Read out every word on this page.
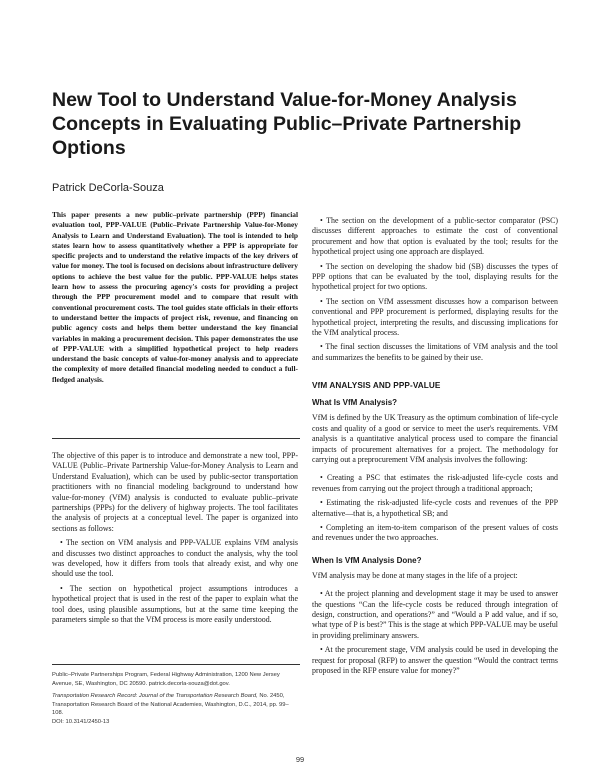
New Tool to Understand Value-for-Money Analysis Concepts in Evaluating Public–Private Partnership Options

Patrick DeCorla-Souza

This paper presents a new public–private partnership (PPP) financial evaluation tool, PPP-VALUE (Public–Private Partnership Value-for-Money Analysis to Learn and Understand Evaluation). The tool is intended to help states learn how to assess quantitatively whether a PPP is appropriate for specific projects and to understand the relative impacts of the key drivers of value for money. The tool is focused on decisions about infrastructure delivery options to achieve the best value for the public. PPP-VALUE helps states learn how to assess the procuring agency's costs for providing a project through the PPP procurement model and to compare that result with conventional procurement costs. The tool guides state officials in their efforts to understand better the impacts of project risk, revenue, and financing on public agency costs and helps them better understand the key financial variables in making a procurement decision. This paper demonstrates the use of PPP-VALUE with a simplified hypothetical project to help readers understand the basic concepts of value-for-money analysis and to appreciate the complexity of more detailed financial modeling needed to conduct a full-fledged analysis.

The objective of this paper is to introduce and demonstrate a new tool, PPP-VALUE (Public–Private Partnership Value-for-Money Analysis to Learn and Understand Evaluation), which can be used by public-sector transportation practitioners with no financial modeling background to understand how value-for-money (VfM) analysis is conducted to evaluate public–private partnerships (PPPs) for the delivery of highway projects. The tool facilitates the analysis of projects at a conceptual level. The paper is organized into sections as follows:

• The section on VfM analysis and PPP-VALUE explains VfM analysis and discusses two distinct approaches to conduct the analysis, why the tool was developed, how it differs from tools that already exist, and why one should use the tool.

• The section on hypothetical project assumptions introduces a hypothetical project that is used in the rest of the paper to explain what the tool does, using plausible assumptions, but at the same time keeping the parameters simple so that the VfM process is more easily understood.

Public–Private Partnerships Program, Federal Highway Administration, 1200 New Jersey Avenue, SE, Washington, DC 20590. patrick.decorla-souza@dot.gov.

Transportation Research Record: Journal of the Transportation Research Board, No. 2450, Transportation Research Board of the National Academies, Washington, D.C., 2014, pp. 99–108.

DOI: 10.3141/2450-13

• The section on the development of a public-sector comparator (PSC) discusses different approaches to estimate the cost of conventional procurement and how that option is evaluated by the tool; results for the hypothetical project using one approach are displayed.

• The section on developing the shadow bid (SB) discusses the types of PPP options that can be evaluated by the tool, displaying results for the hypothetical project for two options.

• The section on VfM assessment discusses how a comparison between conventional and PPP procurement is performed, displaying results for the hypothetical project, interpreting the results, and discussing implications for the VfM analytical process.

• The final section discusses the limitations of VfM analysis and the tool and summarizes the benefits to be gained by their use.

VfM ANALYSIS AND PPP-VALUE
What Is VfM Analysis?

VfM is defined by the UK Treasury as the optimum combination of life-cycle costs and quality of a good or service to meet the user's requirements. VfM analysis is a quantitative analytical process used to compare the financial impacts of procurement alternatives for a project. The methodology for carrying out a preprocurement VfM analysis involves the following:

• Creating a PSC that estimates the risk-adjusted life-cycle costs and revenues from carrying out the project through a traditional approach;

• Estimating the risk-adjusted life-cycle costs and revenues of the PPP alternative—that is, a hypothetical SB; and

• Completing an item-to-item comparison of the present values of costs and revenues under the two approaches.

When Is VfM Analysis Done?

VfM analysis may be done at many stages in the life of a project:

• At the project planning and development stage it may be used to answer the questions “Can the life-cycle costs be reduced through integration of design, construction, and operations?” and “Would a P add value, and if so, what type of P is best?” This is the stage at which PPP-VALUE may be useful in providing preliminary answers.

• At the procurement stage, VfM analysis could be used in developing the request for proposal (RFP) to answer the question “Would the contract terms proposed in the RFP ensure value for money?”

99
